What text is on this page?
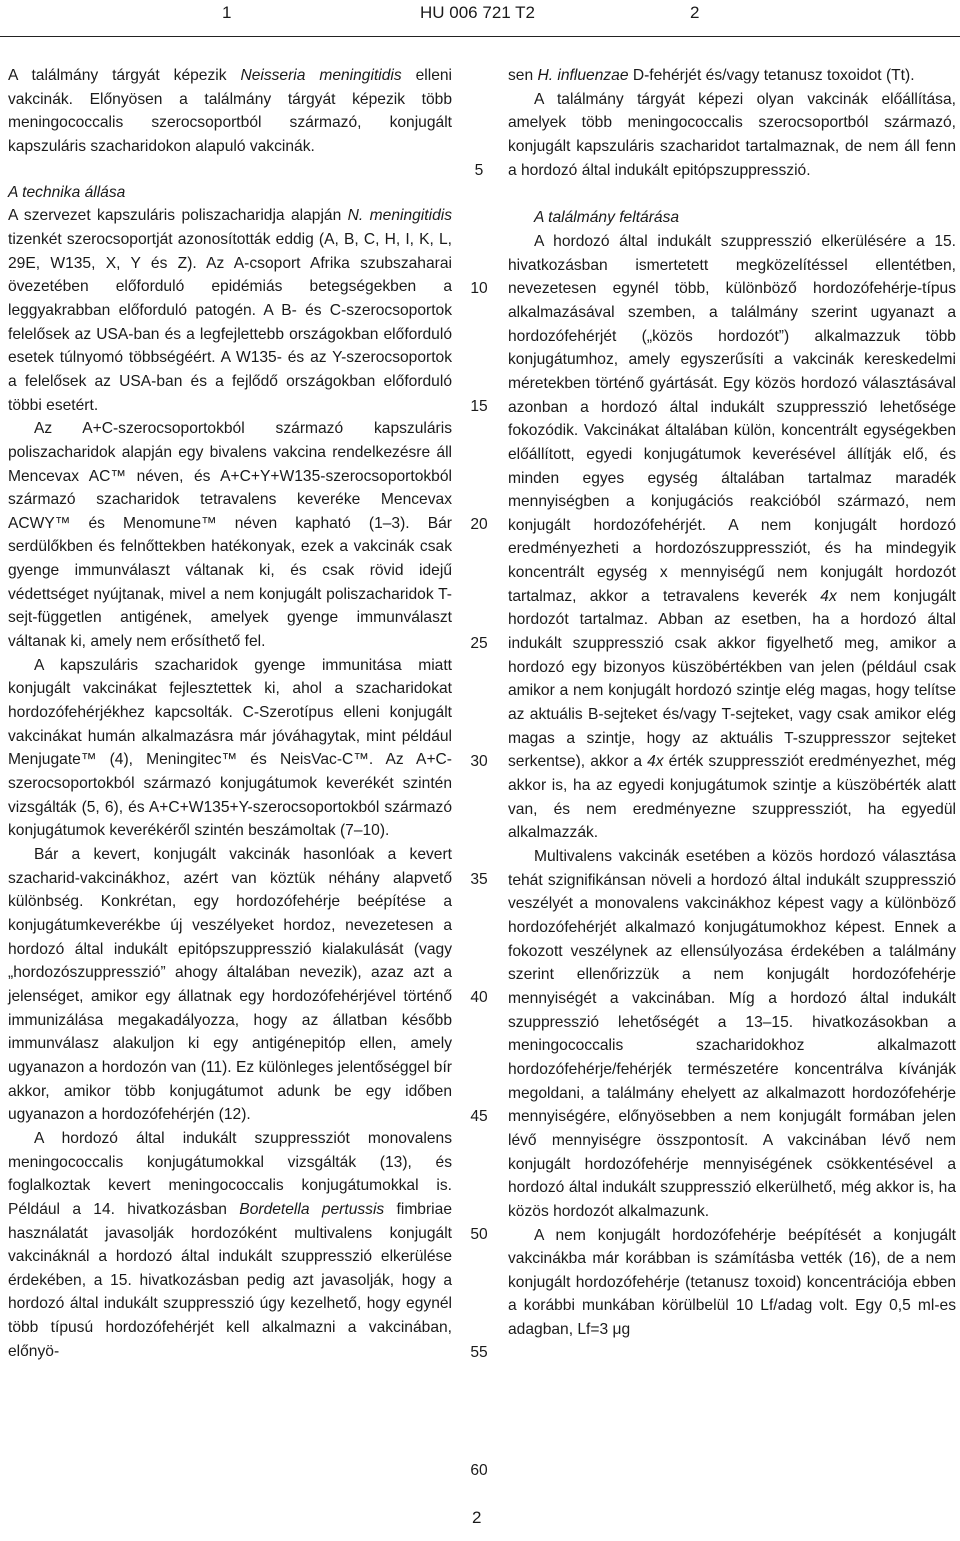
1	HU 006 721 T2	2

A találmány tárgyát képezik Neisseria meningitidis elleni vakcinák. Előnyösen a találmány tárgyát képezik több meningococcalis szerocsoportból származó, konjugált kapszuláris szacharidokon alapuló vakcinák.

A technika állása

A szervezet kapszuláris poliszacharidja alapján N. meningitidis tizenkét szerocsoportját azonosították eddig (A, B, C, H, I, K, L, 29E, W135, X, Y és Z). Az A-csoport Afrika szubszaharai övezetében előforduló epidémiás betegségekben a leggyakrabban előforduló patogén. A B- és C-szerocsoportok felelősek az USA-ban és a legfejlettebb országokban előforduló esetek túlnyomó többségéért. A W135- és az Y-szerocsoportok a felelősek az USA-ban és a fejlődő országokban előforduló többi esetért.

Az A+C-szerocsoportokból származó kapszuláris poliszacharidok alapján egy bivalens vakcina rendelkezésre áll Mencevax AC™ néven, és A+C+Y+W135-szerocsoportokból származó szacharidok tetravalens keveréke Mencevax ACWY™ és Menomune™ néven kapható (1–3). Bár serdülőkben és felnőttekben hatékonyak, ezek a vakcinák csak gyenge immunválaszt váltanak ki, és csak rövid idejű védettséget nyújtanak, mivel a nem konjugált poliszacharidok T-sejt-független antigének, amelyek gyenge immunválaszt váltanak ki, amely nem erősíthető fel.

A kapszuláris szacharidok gyenge immunitása miatt konjugált vakcinákat fejlesztettek ki, ahol a szacharidokat hordozófehérjékhez kapcsolták. C-Szerotípus elleni konjugált vakcinákat humán alkalmazásra már jóváhagytak, mint például Menjugate™ (4), Meningitec™ és NeisVac-C™. Az A+C-szerocsoportokból származó konjugátumok keverékét szintén vizsgálták (5, 6), és A+C+W135+Y-szerocsoportokból származó konjugátumok keverékéről szintén beszámoltak (7–10).

Bár a kevert, konjugált vakcinák hasonlóak a kevert szacharid-vakcinákhoz, azért van köztük néhány alapvető különbség. Konkrétan, egy hordozófehérje beépítése a konjugátumkeverékbe új veszélyeket hordoz, nevezetesen a hordozó által indukált epitópszuppresszió kialakulását (vagy „hordozószuppresszió” ahogy általában nevezik), azaz azt a jelenséget, amikor egy állatnak egy hordozófehérjével történő immunizálása megakadályozza, hogy az állatban később immunválasz alakuljon ki egy antigénepitóp ellen, amely ugyanazon a hordozón van (11). Ez különleges jelentőséggel bír akkor, amikor több konjugátumot adunk be egy időben ugyanazon a hordozófehérjén (12).

A hordozó által indukált szuppressziót monovalens meningococcalis konjugátumokkal vizsgálták (13), és foglalkoztak kevert meningococcalis konjugátumokkal is. Például a 14. hivatkozásban Bordetella pertussis fimbriae használatát javasolják hordozóként multivalens konjugált vakcináknál a hordozó által indukált szuppresszió elkerülése érdekében, a 15. hivatkozásban pedig azt javasolják, hogy a hordozó által indukált szuppresszió úgy kezelhető, hogy egynél több típusú hordozófehérjét kell alkalmazni a vakcinában, előnyö-

5
10
15
20
25
30
35
40
45
50
55
60

sen H. influenzae D-fehérjét és/vagy tetanusz toxoidot (Tt).

A találmány tárgyát képezi olyan vakcinák előállítása, amelyek több meningococcalis szerocsoportból származó, konjugált kapszuláris szacharidot tartalmaznak, de nem áll fenn a hordozó által indukált epitópszuppresszió.

A találmány feltárása

A hordozó által indukált szuppresszió elkerülésére a 15. hivatkozásban ismertetett megközelítéssel ellentétben, nevezetesen egynél több, különböző hordozófehérje-típus alkalmazásával szemben, a találmány szerint ugyanazt a hordozófehérjét („közös hordozót”) alkalmazzuk több konjugátumhoz, amely egyszerűsíti a vakcinák kereskedelmi méretekben történő gyártását. Egy közös hordozó választásával azonban a hordozó által indukált szuppresszió lehetősége fokozódik. Vakcinákat általában külön, koncentrált egységekben előállított, egyedi konjugátumok keverésével állítják elő, és minden egyes egység általában tartalmaz maradék mennyiségben a konjugációs reakcióból származó, nem konjugált hordozófehérjét. A nem konjugált hordozó eredményezheti a hordozószuppressziót, és ha mindegyik koncentrált egység x mennyiségű nem konjugált hordozót tartalmaz, akkor a tetravalens keverék 4x nem konjugált hordozót tartalmaz. Abban az esetben, ha a hordozó által indukált szuppresszió csak akkor figyelhető meg, amikor a hordozó egy bizonyos küszöbértékben van jelen (például csak amikor a nem konjugált hordozó szintje elég magas, hogy telítse az aktuális B-sejteket és/vagy T-sejteket, vagy csak amikor elég magas a szintje, hogy az aktuális T-szuppresszor sejteket serkentse), akkor a 4x érték szuppressziót eredményezhet, még akkor is, ha az egyedi konjugátumok szintje a küszöbérték alatt van, és nem eredményezne szuppressziót, ha egyedül alkalmazzák.

Multivalens vakcinák esetében a közös hordozó választása tehát szignifikánsan növeli a hordozó által indukált szuppresszió veszélyét a monovalens vakcinákhoz képest vagy a különböző hordozófehérjét alkalmazó konjugátumokhoz képest. Ennek a fokozott veszélynek az ellensúlyozása érdekében a találmány szerint ellenőrizzük a nem konjugált hordozófehérje mennyiségét a vakcinában. Míg a hordozó által indukált szuppresszió lehetőségét a 13–15. hivatkozásokban a meningococcalis szacharidokhoz alkalmazott hordozófehérje/fehérjék természetére koncentrálva kívánják megoldani, a találmány ehelyett az alkalmazott hordozófehérje mennyiségére, előnyösebben a nem konjugált formában jelen lévő mennyiségre összpontosít. A vakcinában lévő nem konjugált hordozófehérje mennyiségének csökkentésével a hordozó által indukált szuppresszió elkerülhető, még akkor is, ha közös hordozót alkalmazunk.

A nem konjugált hordozófehérje beépítését a konjugált vakcinákba már korábban is számításba vették (16), de a nem konjugált hordozófehérje (tetanusz toxoid) koncentrációja ebben a korábbi munkában körülbelül 10 Lf/adag volt. Egy 0,5 ml-es adagban, Lf=3 μg

2
